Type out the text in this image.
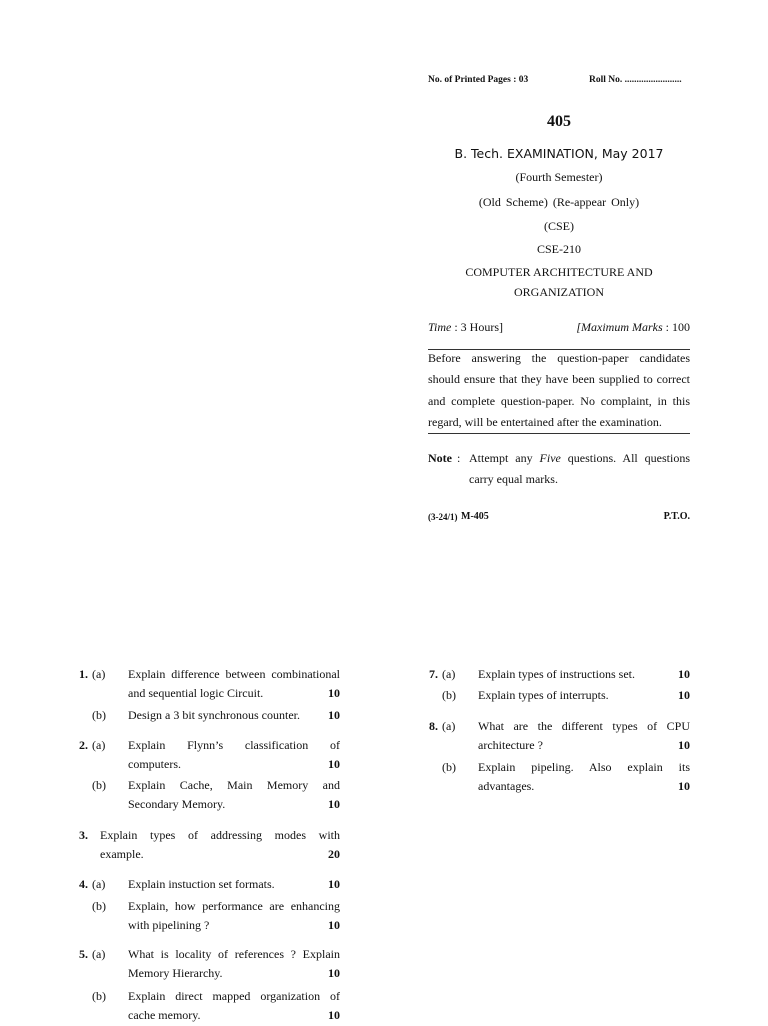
No. of Printed Pages : 03	Roll No. ........................
405
B. Tech. EXAMINATION, May 2017
(Fourth Semester)
(Old Scheme) (Re-appear Only)
(CSE)
CSE-210
COMPUTER ARCHITECTURE AND
ORGANIZATION
Time : 3 Hours]	[Maximum Marks : 100
Before answering the question-paper candidates
should ensure that they have been supplied to correct
and complete question-paper. No complaint, in this
regard, will be entertained after the examination.
Note : Attempt any Five questions. All questions
carry equal marks.
(3-24/1) M-405	P.T.O.
1. (a) Explain difference between combinational
and sequential logic Circuit.	10
(b) Design a 3 bit synchronous counter. 10
2. (a) Explain Flynn’s classification of
computers.	10
(b) Explain Cache, Main Memory and
Secondary Memory.	10
3. Explain types of addressing modes with
example.	20
4. (a) Explain instuction set formats.	10
(b) Explain, how performance are enhancing
with pipelining ?	10
5. (a) What is locality of references ? Explain
Memory Hierarchy.	10
(b) Explain direct mapped organization of
cache memory.	10
7. (a) Explain types of instructions set.	10
(b) Explain types of interrupts.	10
8. (a) What are the different types of CPU
architecture ?	10
(b) Explain pipeling. Also explain its
advantages.	10
